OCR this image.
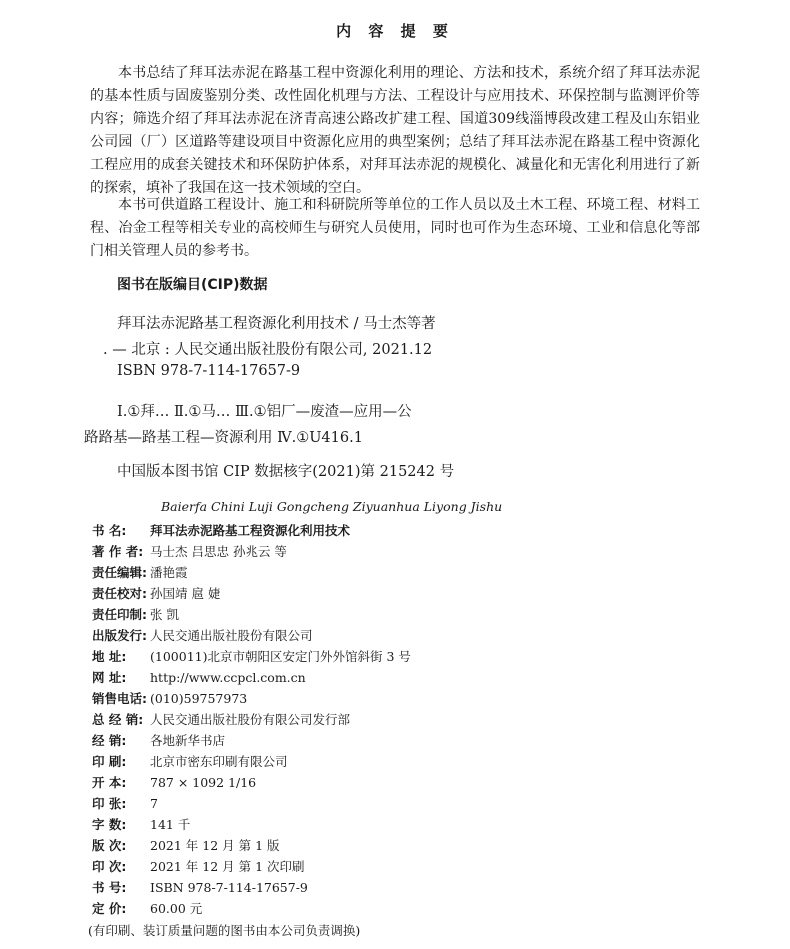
内 容 提 要
本书总结了拜耳法赤泥在路基工程中资源化利用的理论、方法和技术，系统介绍了拜耳法赤泥的基本性质与固废鉴别分类、改性固化机理与方法、工程设计与应用技术、环保控制与监测评价等内容；筛选介绍了拜耳法赤泥在济青高速公路改扩建工程、国道309线淄博段改建工程及山东铝业公司园（厂）区道路等建设项目中资源化应用的典型案例；总结了拜耳法赤泥在路基工程中资源化工程应用的成套关键技术和环保防护体系，对拜耳法赤泥的规模化、减量化和无害化利用进行了新的探索，填补了我国在这一技术领域的空白。
本书可供道路工程设计、施工和科研院所等单位的工作人员以及土木工程、环境工程、材料工程、冶金工程等相关专业的高校师生与研究人员使用，同时也可作为生态环境、工业和信息化等部门相关管理人员的参考书。
图书在版编目(CIP)数据
拜耳法赤泥路基工程资源化利用技术 / 马士杰等著
. — 北京 : 人民交通出版社股份有限公司, 2021.12
ISBN 978-7-114-17657-9
Ⅰ.①拜… Ⅱ.①马… Ⅲ.①铝厂—废渣—应用—公
路路基—路基工程—资源利用 Ⅳ.①U416.1
中国版本图书馆 CIP 数据核字(2021)第 215242 号
Baierfa Chini Luji Gongcheng Ziyuanhua Liyong Jishu
书 名: 拜耳法赤泥路基工程资源化利用技术
著 作 者: 马士杰 吕思忠 孙兆云 等
责任编辑: 潘艳霞
责任校对: 孙国靖 扈 婕
责任印制: 张 凯
出版发行: 人民交通出版社股份有限公司
地 址: (100011)北京市朝阳区安定门外外馆斜街 3 号
网 址: http://www.ccpcl.com.cn
销售电话: (010)59757973
总 经 销: 人民交通出版社股份有限公司发行部
经 销: 各地新华书店
印 刷: 北京市密东印刷有限公司
开 本: 787 × 1092 1/16
印 张: 7
字 数: 141 千
版 次: 2021 年 12 月 第 1 版
印 次: 2021 年 12 月 第 1 次印刷
书 号: ISBN 978-7-114-17657-9
定 价: 60.00 元
(有印刷、装订质量问题的图书由本公司负责调换)
